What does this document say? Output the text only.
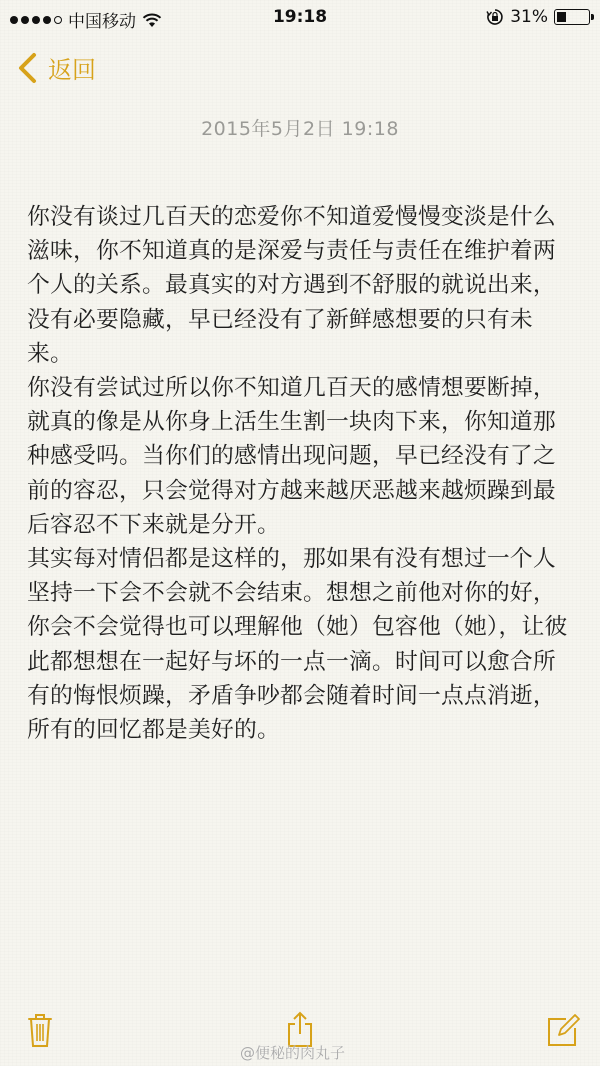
中国移动	19:18	31%
返回
2015年5月2日 19:18

你没有谈过几百天的恋爱你不知道爱慢慢变淡是什么滋味，你不知道真的是深爱与责任与责任在维护着两个人的关系。最真实的对方遇到不舒服的就说出来，没有必要隐藏，早已经没有了新鲜感想要的只有未来。

你没有尝试过所以你不知道几百天的感情想要断掉，就真的像是从你身上活生生割一块肉下来，你知道那种感受吗。当你们的感情出现问题，早已经没有了之前的容忍，只会觉得对方越来越厌恶越来越烦躁到最后容忍不下来就是分开。

其实每对情侣都是这样的，那如果有没有想过一个人坚持一下会不会就不会结束。想想之前他对你的好，你会不会觉得也可以理解他（她）包容他（她），让彼此都想想在一起好与坏的一点一滴。时间可以愈合所有的悔恨烦躁，矛盾争吵都会随着时间一点点消逝，所有的回忆都是美好的。

@便秘的肉丸子
